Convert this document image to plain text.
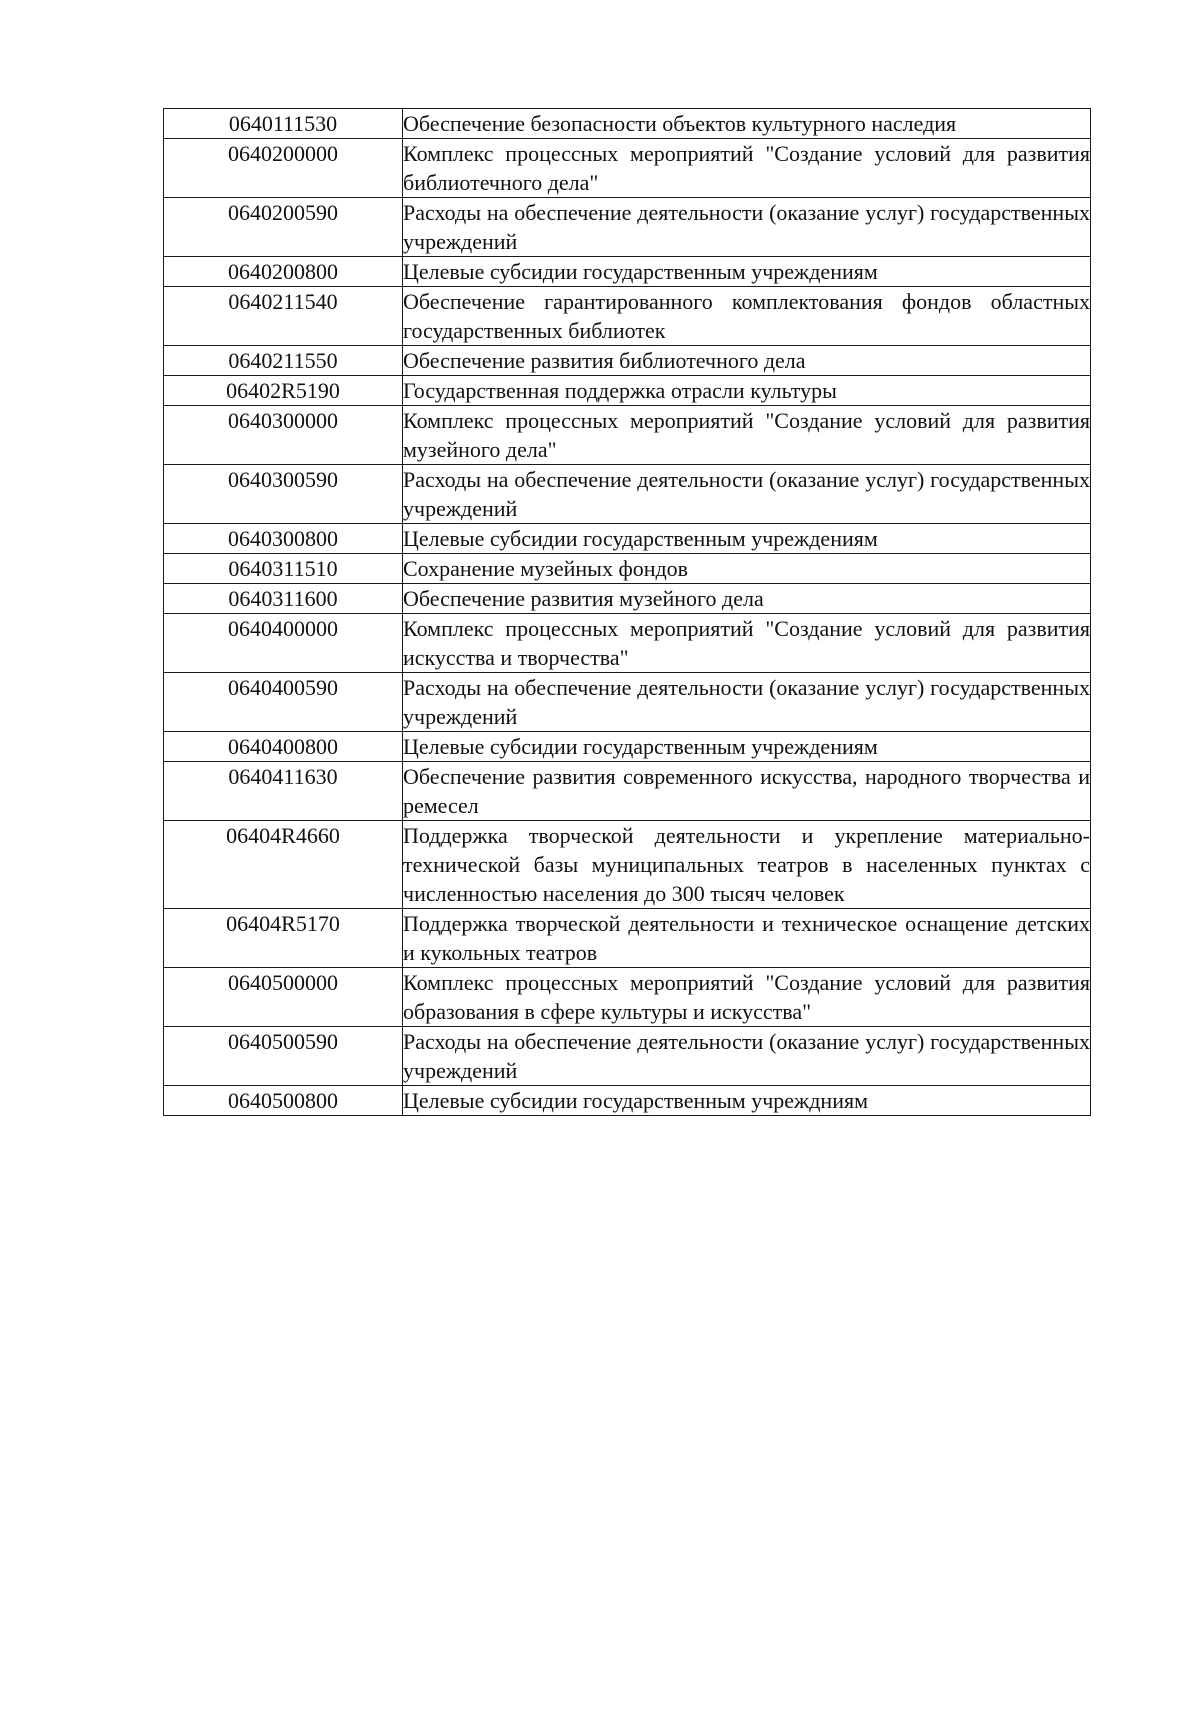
0640111530	Обеспечение безопасности объектов культурного наследия
0640200000	Комплекс процессных мероприятий "Создание условий для развития библиотечного дела"
0640200590	Расходы на обеспечение деятельности (оказание услуг) государственных учреждений
0640200800	Целевые субсидии государственным учреждениям
0640211540	Обеспечение гарантированного комплектования фондов областных государственных библиотек
0640211550	Обеспечение развития библиотечного дела
06402R5190	Государственная поддержка отрасли культуры
0640300000	Комплекс процессных мероприятий "Создание условий для развития музейного дела"
0640300590	Расходы на обеспечение деятельности (оказание услуг) государственных учреждений
0640300800	Целевые субсидии государственным учреждениям
0640311510	Сохранение музейных фондов
0640311600	Обеспечение развития музейного дела
0640400000	Комплекс процессных мероприятий "Создание условий для развития искусства и творчества"
0640400590	Расходы на обеспечение деятельности (оказание услуг) государственных учреждений
0640400800	Целевые субсидии государственным учреждениям
0640411630	Обеспечение развития современного искусства, народного творчества и ремесел
06404R4660	Поддержка творческой деятельности и укрепление материально-технической базы муниципальных театров в населенных пунктах с численностью населения до 300 тысяч человек
06404R5170	Поддержка творческой деятельности и техническое оснащение детских и кукольных театров
0640500000	Комплекс процессных мероприятий "Создание условий для развития образования в сфере культуры и искусства"
0640500590	Расходы на обеспечение деятельности (оказание услуг) государственных учреждений
0640500800	Целевые субсидии государственным учреждниям
